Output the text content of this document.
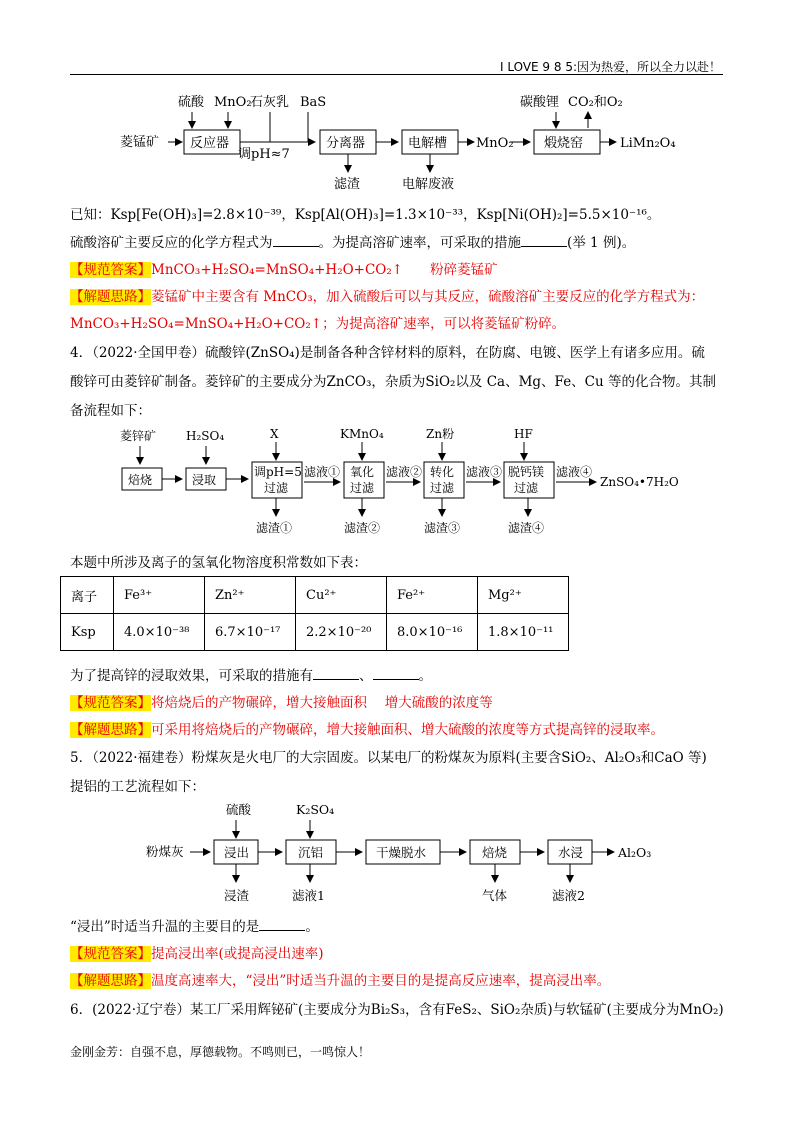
I LOVE 9 8 5:因为热爱，所以全力以赴！
菱锰矿 反应器
硫酸 MnO₂
石灰乳 BaS
调pH≈7
分离器
滤渣
电解槽
电解废液
MnO₂ 煅烧窑
碳酸锂 CO₂和O₂
LiMn₂O₄
已知：Ksp[Fe(OH)₃]=2.8×10⁻³⁹，Ksp[Al(OH)₃]=1.3×10⁻³³，Ksp[Ni(OH)₂]=5.5×10⁻¹⁶。
硫酸溶矿主要反应的化学方程式为	。为提高溶矿速率，可采取的措施	(举 1 例)。
【规范答案】MnCO₃+H₂SO₄=MnSO₄+H₂O+CO₂↑　　粉碎菱锰矿
【解题思路】菱锰矿中主要含有 MnCO₃，加入硫酸后可以与其反应，硫酸溶矿主要反应的化学方程式为：
MnCO₃+H₂SO₄=MnSO₄+H₂O+CO₂↑；为提高溶矿速率，可以将菱锰矿粉碎。
4．（2022·全国甲卷）硫酸锌(ZnSO₄)是制备各种含锌材料的原料，在防腐、电镀、医学上有诸多应用。硫
酸锌可由菱锌矿制备。菱锌矿的主要成分为ZnCO₃，杂质为SiO₂以及 Ca、Mg、Fe、Cu 等的化合物。其制
备流程如下：
菱锌矿
焙烧
H₂SO₄
浸取
X
调pH=5
过滤
滤液①
滤渣①
KMnO₄
氧化
过滤
滤液②
滤渣②
Zn粉
转化
过滤
滤液③
滤渣③
HF
脱钙镁
过滤
滤液④
滤渣④
ZnSO₄•7H₂O
本题中所涉及离子的氢氧化物溶度积常数如下表：
离子	Fe³⁺	Zn²⁺	Cu²⁺	Fe²⁺	Mg²⁺
Ksp	4.0×10⁻³⁸	6.7×10⁻¹⁷	2.2×10⁻²⁰	8.0×10⁻¹⁶	1.8×10⁻¹¹
为了提高锌的浸取效果，可采取的措施有	、	。
【规范答案】将焙烧后的产物碾碎，增大接触面积　 增大硫酸的浓度等
【解题思路】可采用将焙烧后的产物碾碎，增大接触面积、增大硫酸的浓度等方式提高锌的浸取率。
5．（2022·福建卷）粉煤灰是火电厂的大宗固废。以某电厂的粉煤灰为原料(主要含SiO₂、Al₂O₃和CaO 等)
提铝的工艺流程如下：
粉煤灰
硫酸
浸出
浸渣
K₂SO₄
沉铝
滤液1
干燥脱水	焙烧
气体
水浸
滤液2
Al₂O₃
“浸出”时适当升温的主要目的是	。
【规范答案】提高浸出率(或提高浸出速率)
【解题思路】温度高速率大，“浸出”时适当升温的主要目的是提高反应速率，提高浸出率。
6．(2022·辽宁卷）某工厂采用辉铋矿(主要成分为Bi₂S₃，含有FeS₂、SiO₂杂质)与软锰矿(主要成分为MnO₂)
金刚金芳：自强不息，厚德载物。不鸣则已，一鸣惊人！
